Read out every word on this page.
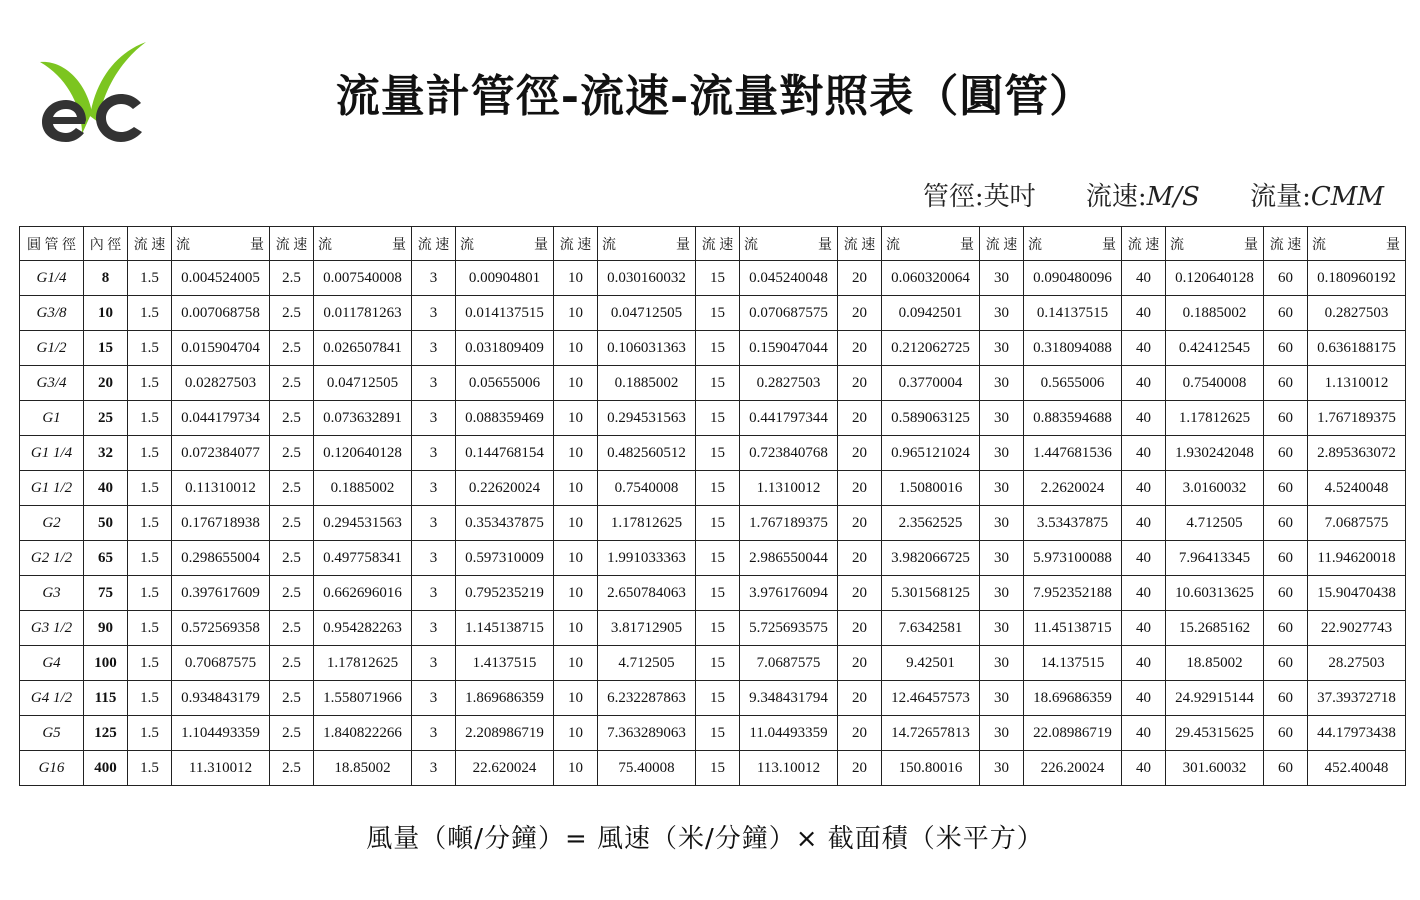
流量計管徑-流速-流量對照表（圓管）
管徑:英吋 流速:M/S 流量:CMM
圓 管 徑	內 徑	流 速	流 量	流 速	流 量	流 速	流 量	流 速	流 量	流 速	流 量	流 速	流 量	流 速	流 量	流 速	流 量	流 速	流 量

G1/4	8	1.5	0.004524005	2.5	0.007540008	3	0.00904801	10	0.030160032	15	0.045240048	20	0.060320064	30	0.090480096	40	0.120640128	60	0.180960192
G3/8	10	1.5	0.007068758	2.5	0.011781263	3	0.014137515	10	0.04712505	15	0.070687575	20	0.0942501	30	0.14137515	40	0.1885002	60	0.2827503
G1/2	15	1.5	0.015904704	2.5	0.026507841	3	0.031809409	10	0.106031363	15	0.159047044	20	0.212062725	30	0.318094088	40	0.42412545	60	0.636188175
G3/4	20	1.5	0.02827503	2.5	0.04712505	3	0.05655006	10	0.1885002	15	0.2827503	20	0.3770004	30	0.5655006	40	0.7540008	60	1.1310012
G1	25	1.5	0.044179734	2.5	0.073632891	3	0.088359469	10	0.294531563	15	0.441797344	20	0.589063125	30	0.883594688	40	1.17812625	60	1.767189375
G1 1/4	32	1.5	0.072384077	2.5	0.120640128	3	0.144768154	10	0.482560512	15	0.723840768	20	0.965121024	30	1.447681536	40	1.930242048	60	2.895363072
G1 1/2	40	1.5	0.11310012	2.5	0.1885002	3	0.22620024	10	0.7540008	15	1.1310012	20	1.5080016	30	2.2620024	40	3.0160032	60	4.5240048
G2	50	1.5	0.176718938	2.5	0.294531563	3	0.353437875	10	1.17812625	15	1.767189375	20	2.3562525	30	3.53437875	40	4.712505	60	7.0687575
G2 1/2	65	1.5	0.298655004	2.5	0.497758341	3	0.597310009	10	1.991033363	15	2.986550044	20	3.982066725	30	5.973100088	40	7.96413345	60	11.94620018
G3	75	1.5	0.397617609	2.5	0.662696016	3	0.795235219	10	2.650784063	15	3.976176094	20	5.301568125	30	7.952352188	40	10.60313625	60	15.90470438
G3 1/2	90	1.5	0.572569358	2.5	0.954282263	3	1.145138715	10	3.81712905	15	5.725693575	20	7.6342581	30	11.45138715	40	15.2685162	60	22.9027743
G4	100	1.5	0.70687575	2.5	1.17812625	3	1.4137515	10	4.712505	15	7.0687575	20	9.42501	30	14.137515	40	18.85002	60	28.27503
G4 1/2	115	1.5	0.934843179	2.5	1.558071966	3	1.869686359	10	6.232287863	15	9.348431794	20	12.46457573	30	18.69686359	40	24.92915144	60	37.39372718
G5	125	1.5	1.104493359	2.5	1.840822266	3	2.208986719	10	7.363289063	15	11.04493359	20	14.72657813	30	22.08986719	40	29.45315625	60	44.17973438
G16	400	1.5	11.310012	2.5	18.85002	3	22.620024	10	75.40008	15	113.10012	20	150.80016	30	226.20024	40	301.60032	60	452.40048
風量（噸/分鐘）= 風速（米/分鐘）× 截面積（米平方）
